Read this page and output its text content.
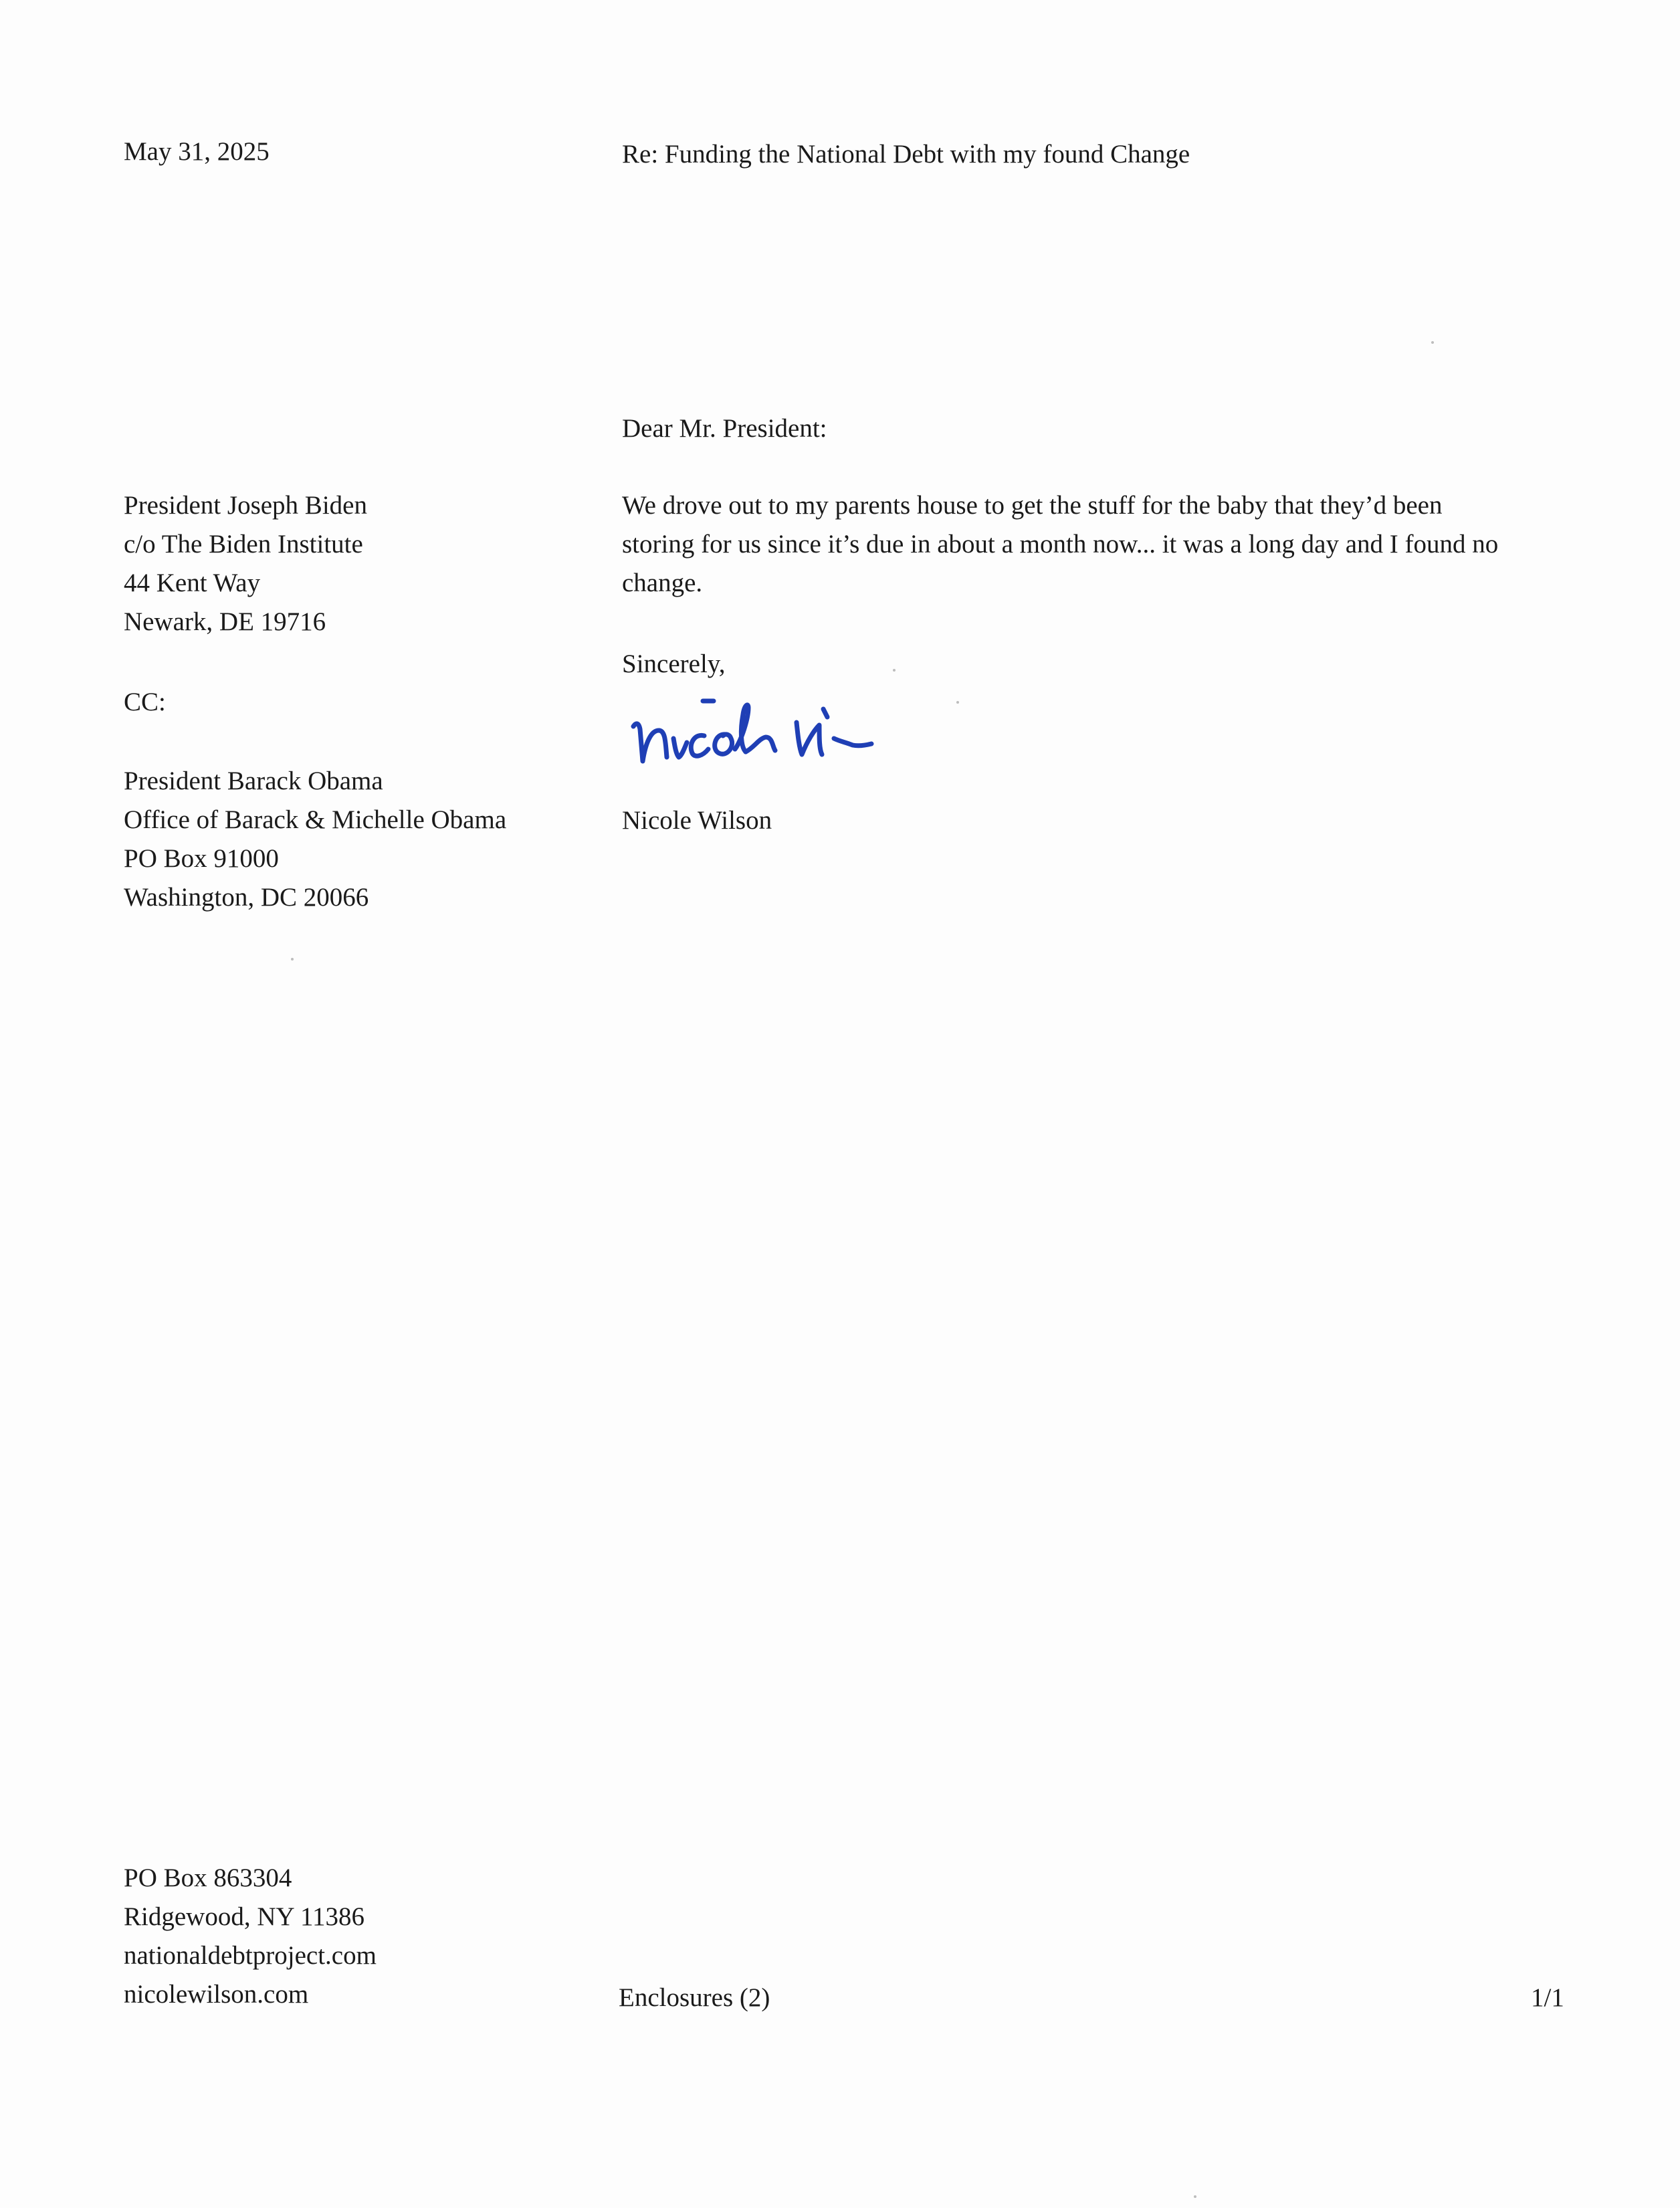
May 31, 2025	Re: Funding the National Debt with my found Change

Dear Mr. President:

President Joseph Biden
c/o The Biden Institute
44 Kent Way
Newark, DE 19716
We drove out to my parents house to get the stuff for the baby that they’d been
storing for us since it’s due in about a month now... it was a long day and I found no
change.

Sincerely,

Nicole Wilson

CC:

President Barack Obama
Office of Barack & Michelle Obama
PO Box 91000
Washington, DC 20066
PO Box 863304
Ridgewood, NY 11386
nationaldebtproject.com
nicolewilson.com	Enclosures (2)	1/1
